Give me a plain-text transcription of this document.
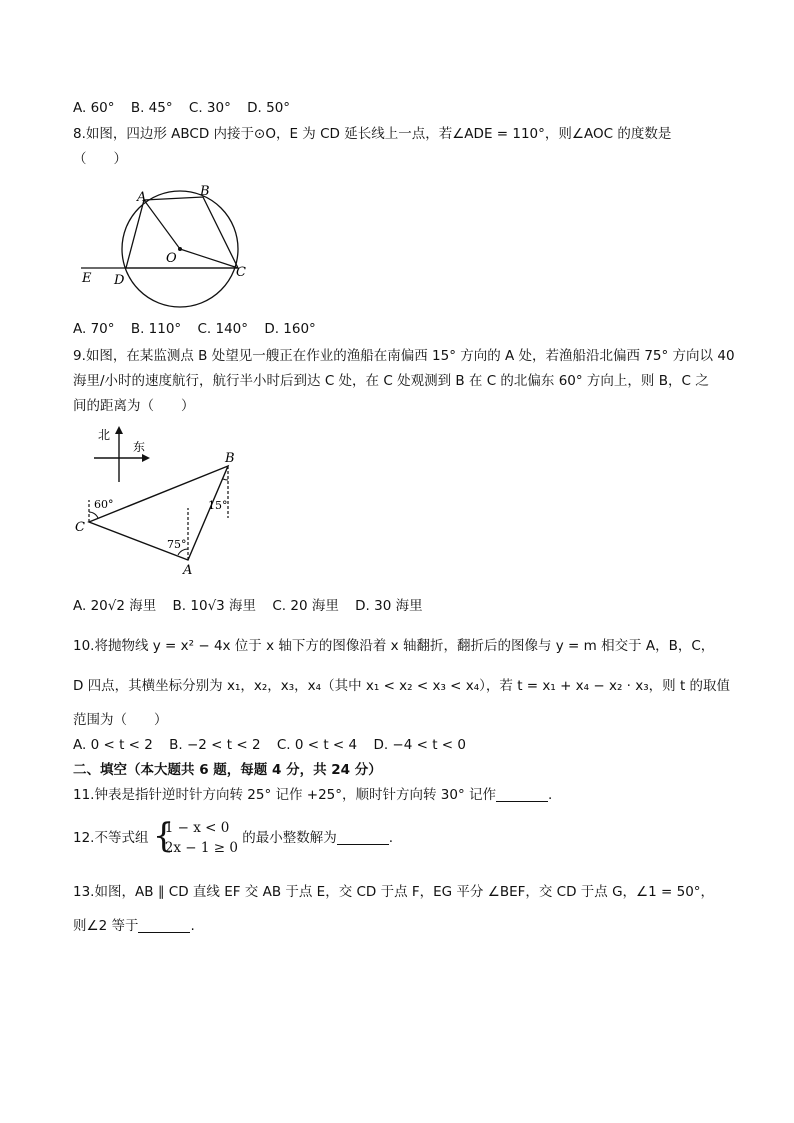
A. 60° B. 45° C. 30° D. 50°
8.如图，四边形 ABCD 内接于⊙O，E 为 CD 延长线上一点，若∠ADE = 110°，则∠AOC 的度数是
（　　）
A	B
O
E D
C
A. 70° B. 110° C. 140° D. 160°
9.如图，在某监测点 B 处望见一艘正在作业的渔船在南偏西 15° 方向的 A 处，若渔船沿北偏西 75° 方向以 40
海里/小时的速度航行，航行半小时后到达 C 处，在 C 处观测到 B 在 C 的北偏东 60° 方向上，则 B，C 之
间的距离为（　　）
北
东
60°
75°
15°
C
B
A
A. 20√2 海里 B. 10√3 海里 C. 20 海里 D. 30 海里
10.将抛物线 y = x² − 4x 位于 x 轴下方的图像沿着 x 轴翻折，翻折后的图像与 y = m 相交于 A，B，C，
D 四点，其横坐标分别为 x₁，x₂，x₃，x₄（其中 x₁ < x₂ < x₃ < x₄），若 t = x₁ + x₄ − x₂ · x₃，则 t 的取值
范围为（　　）
A. 0 < t < 2 B. −2 < t < 2 C. 0 < t < 4 D. −4 < t < 0
二、填空（本大题共 6 题，每题 4 分，共 24 分）
11.钟表是指针逆时针方向转 25° 记作 +25°，顺时针方向转 30° 记作	.
12.不等式组 {
1 − x < 0
2x − 1 ≥ 0
的最小整数解为	.
13.如图，AB ∥ CD 直线 EF 交 AB 于点 E，交 CD 于点 F，EG 平分 ∠BEF，交 CD 于点 G，∠1 = 50°，
则∠2 等于	.
